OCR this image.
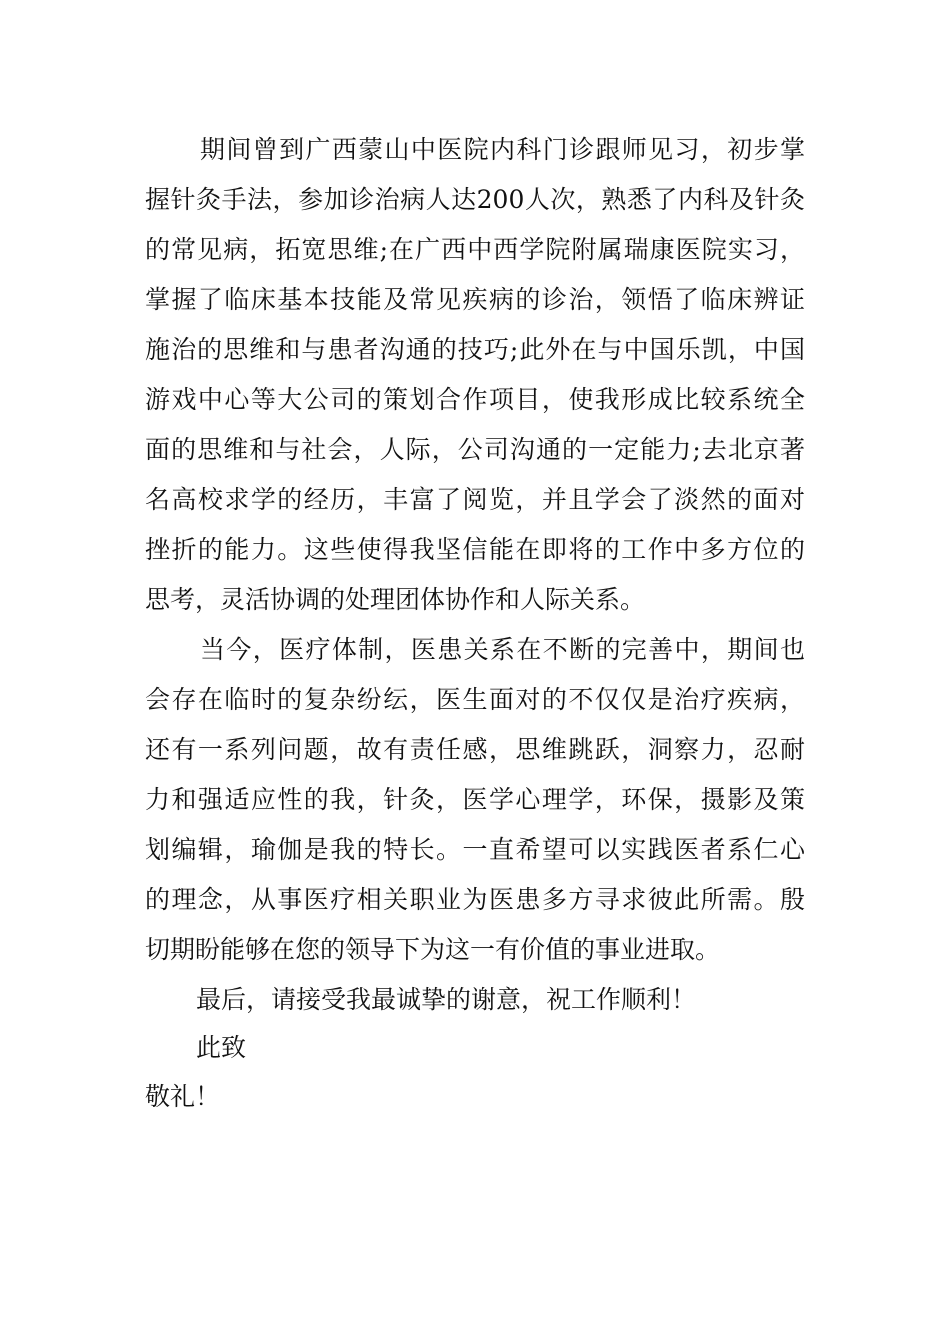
期间曾到广西蒙山中医院内科门诊跟师见习，初步掌
握针灸手法，参加诊治病人达200人次，熟悉了内科及针灸
的常见病，拓宽思维;在广西中西学院附属瑞康医院实习，
掌握了临床基本技能及常见疾病的诊治，领悟了临床辨证
施治的思维和与患者沟通的技巧;此外在与中国乐凯，中国
游戏中心等大公司的策划合作项目，使我形成比较系统全
面的思维和与社会，人际，公司沟通的一定能力;去北京著
名高校求学的经历，丰富了阅览，并且学会了淡然的面对
挫折的能力。这些使得我坚信能在即将的工作中多方位的
思考，灵活协调的处理团体协作和人际关系。
当今，医疗体制，医患关系在不断的完善中，期间也
会存在临时的复杂纷纭，医生面对的不仅仅是治疗疾病，
还有一系列问题，故有责任感，思维跳跃，洞察力，忍耐
力和强适应性的我，针灸，医学心理学，环保，摄影及策
划编辑，瑜伽是我的特长。一直希望可以实践医者系仁心
的理念，从事医疗相关职业为医患多方寻求彼此所需。殷
切期盼能够在您的领导下为这一有价值的事业进取。
最后，请接受我最诚挚的谢意，祝工作顺利！
此致
敬礼！
